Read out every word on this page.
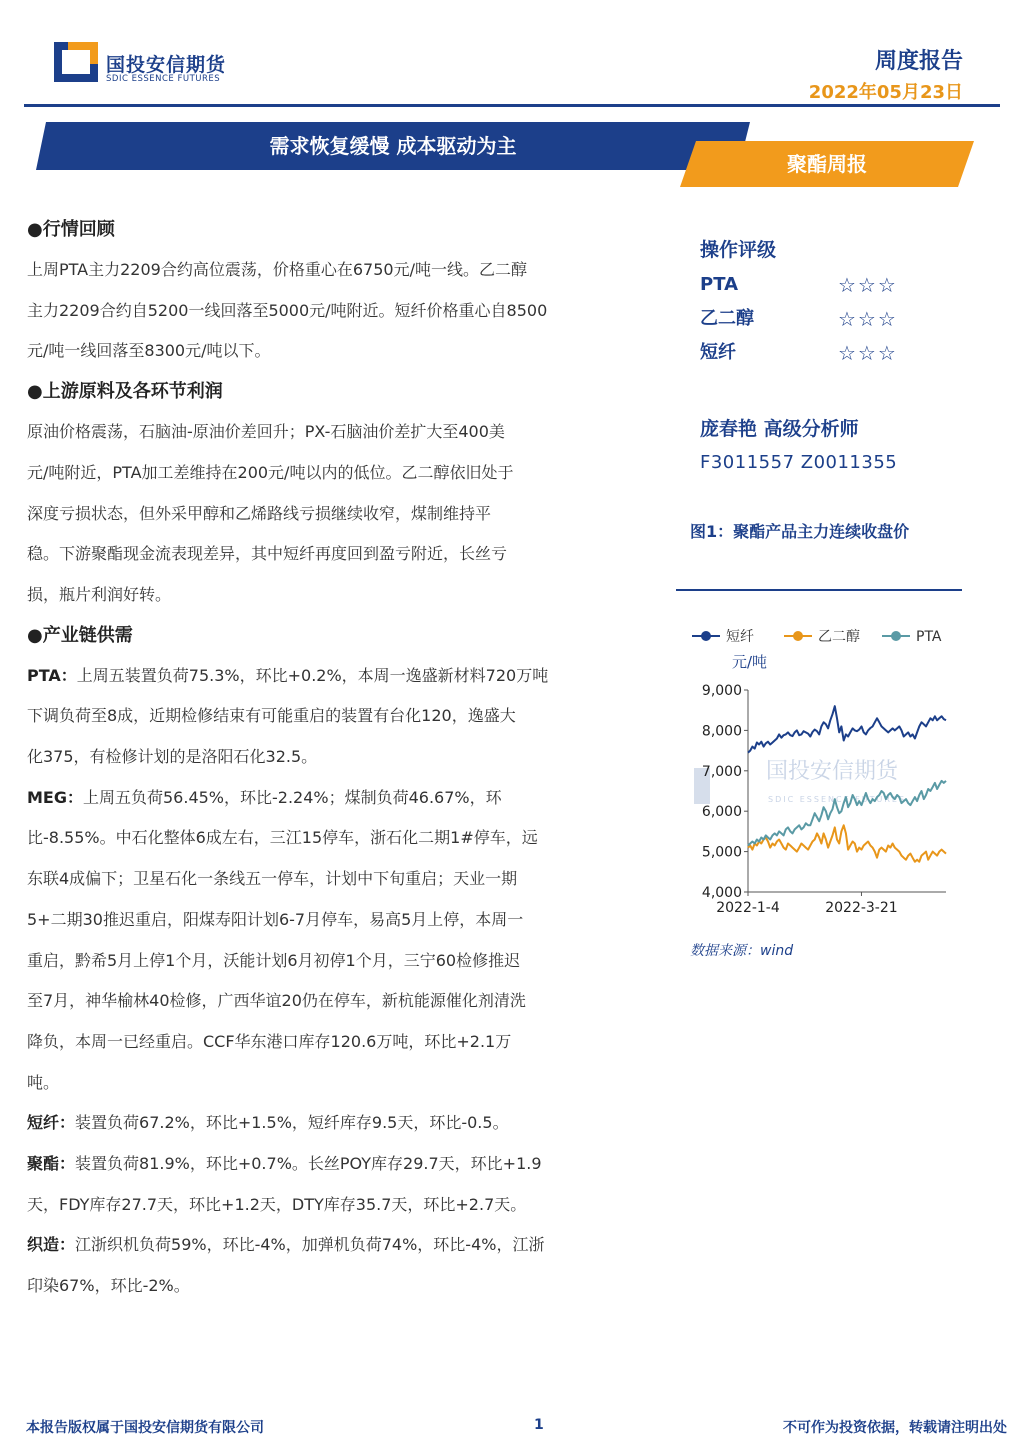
国投安信期货
SDIC ESSENCE FUTURES
周度报告
2022年05月23日
需求恢复缓慢 成本驱动为主
聚酯周报
●行情回顾

上周PTA主力2209合约高位震荡，价格重心在6750元/吨一线。乙二醇

主力2209合约自5200一线回落至5000元/吨附近。短纤价格重心自8500

元/吨一线回落至8300元/吨以下。

●上游原料及各环节利润

原油价格震荡，石脑油-原油价差回升；PX-石脑油价差扩大至400美

元/吨附近，PTA加工差维持在200元/吨以内的低位。乙二醇依旧处于

深度亏损状态，但外采甲醇和乙烯路线亏损继续收窄，煤制维持平

稳。下游聚酯现金流表现差异，其中短纤再度回到盈亏附近，长丝亏

损，瓶片利润好转。

●产业链供需

PTA：上周五装置负荷75.3%，环比+0.2%，本周一逸盛新材料720万吨

下调负荷至8成，近期检修结束有可能重启的装置有台化120，逸盛大

化375，有检修计划的是洛阳石化32.5。

MEG：上周五负荷56.45%，环比-2.24%；煤制负荷46.67%，环

比-8.55%。中石化整体6成左右，三江15停车，浙石化二期1#停车，远

东联4成偏下；卫星石化一条线五一停车，计划中下旬重启；天业一期

5+二期30推迟重启，阳煤寿阳计划6-7月停车，易高5月上停，本周一

重启，黔希5月上停1个月，沃能计划6月初停1个月，三宁60检修推迟

至7月，神华榆林40检修，广西华谊20仍在停车，新杭能源催化剂清洗

降负，本周一已经重启。CCF华东港口库存120.6万吨，环比+2.1万

吨。

短纤：装置负荷67.2%，环比+1.5%，短纤库存9.5天，环比-0.5。

聚酯：装置负荷81.9%，环比+0.7%。长丝POY库存29.7天，环比+1.9

天，FDY库存27.7天，环比+1.2天，DTY库存35.7天，环比+2.7天。

织造：江浙织机负荷59%，环比-4%，加弹机负荷74%，环比-4%，江浙

印染67%，环比-2%。

操作评级
PTA	☆☆☆
乙二醇	☆☆☆
短纤	☆☆☆
庞春艳 高级分析师
F3011557 Z0011355
图1：聚酯产品主力连续收盘价
国投安信期货
SDIC ESSENCE FUTURES
短纤	乙二醇	PTA
元/吨
9,000
8,000
7,000
6,000
5,000
4,000
2022-1-4	2022-3-21
数据来源：wind
本报告版权属于国投安信期货有限公司	1	不可作为投资依据，转载请注明出处
